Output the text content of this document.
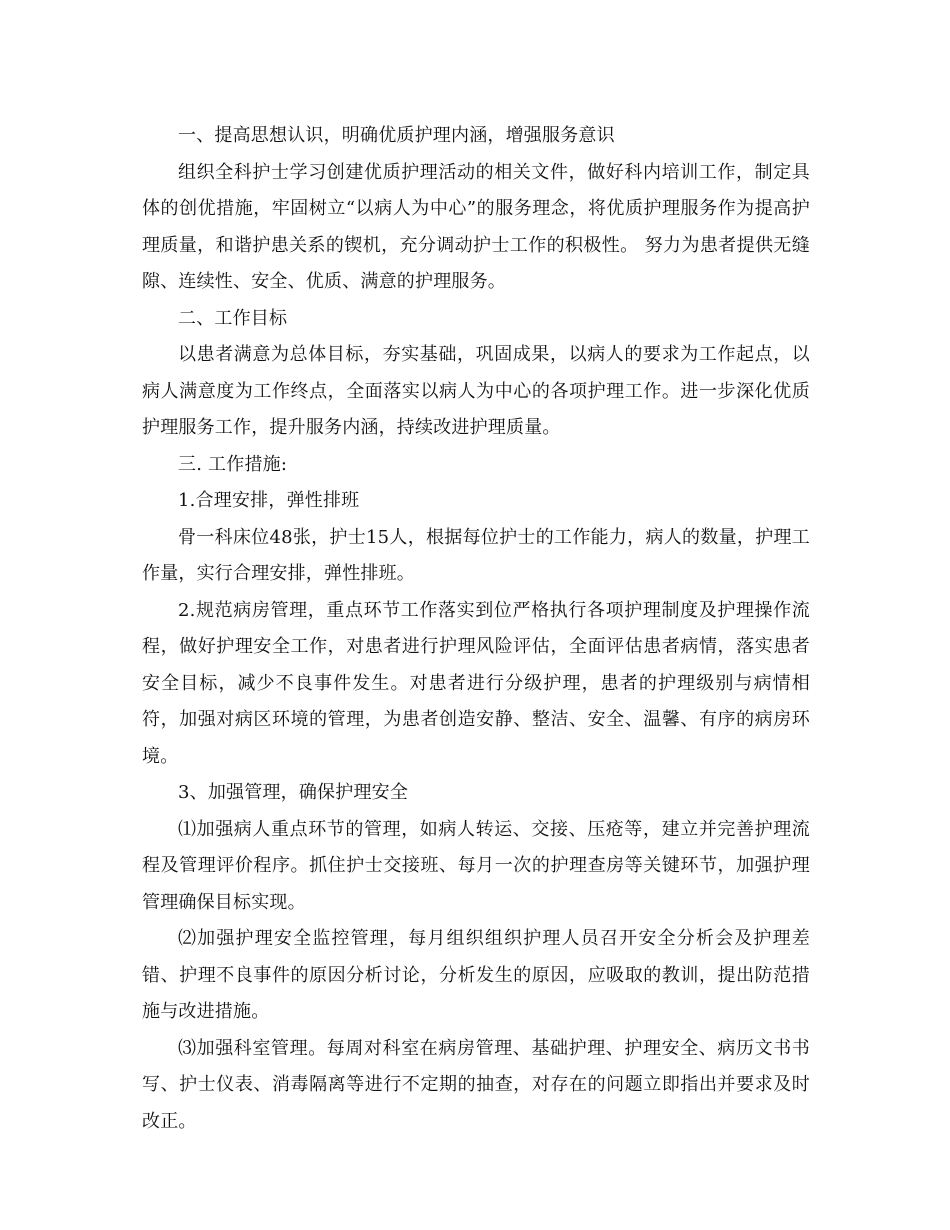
一、提高思想认识，明确优质护理内涵，增强服务意识

组织全科护士学习创建优质护理活动的相关文件，做好科内培训工作，制定具体的创优措施，牢固树立“以病人为中心”的服务理念，将优质护理服务作为提高护理质量，和谐护患关系的锲机，充分调动护士工作的积极性。 努力为患者提供无缝隙、连续性、安全、优质、满意的护理服务。

二、工作目标

以患者满意为总体目标，夯实基础，巩固成果，以病人的要求为工作起点，以病人满意度为工作终点，全面落实以病人为中心的各项护理工作。进一步深化优质护理服务工作，提升服务内涵，持续改进护理质量。

三. 工作措施:

1.合理安排，弹性排班

骨一科床位48张，护士15人，根据每位护士的工作能力，病人的数量，护理工作量，实行合理安排，弹性排班。

2.规范病房管理，重点环节工作落实到位严格执行各项护理制度及护理操作流程，做好护理安全工作，对患者进行护理风险评估，全面评估患者病情，落实患者安全目标，减少不良事件发生。对患者进行分级护理，患者的护理级别与病情相符，加强对病区环境的管理，为患者创造安静、整洁、安全、温馨、有序的病房环境。

3、加强管理，确保护理安全

⑴加强病人重点环节的管理，如病人转运、交接、压疮等，建立并完善护理流程及管理评价程序。抓住护士交接班、每月一次的护理查房等关键环节，加强护理管理确保目标实现。

⑵加强护理安全监控管理，每月组织组织护理人员召开安全分析会及护理差错、护理不良事件的原因分析讨论，分析发生的原因，应吸取的教训，提出防范措施与改进措施。

⑶加强科室管理。每周对科室在病房管理、基础护理、护理安全、病历文书书写、护士仪表、消毒隔离等进行不定期的抽查，对存在的问题立即指出并要求及时改正。
